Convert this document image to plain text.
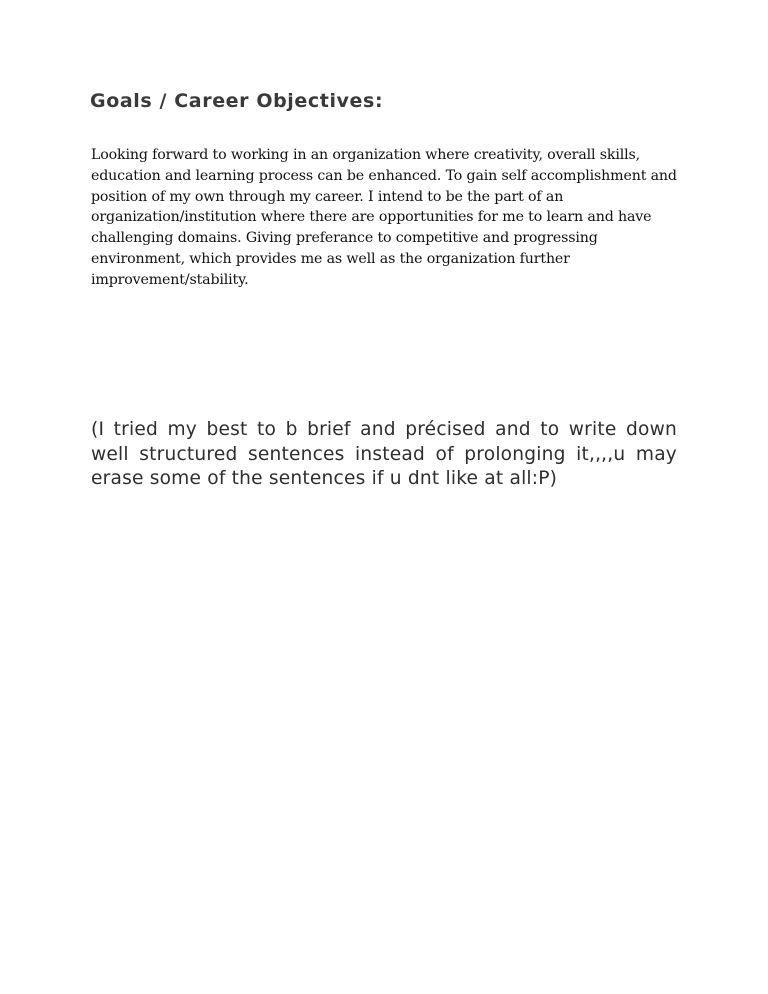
Goals / Career Objectives:

Looking forward to working in an organization where creativity, overall skills, education and learning process can be enhanced. To gain self accomplishment and position of my own through my career. I intend to be the part of an organization/institution where there are opportunities for me to learn and have challenging domains. Giving preferance to competitive and progressing environment, which provides me as well as the organization further improvement/stability.

(I tried my best to b brief and précised and to write down well structured sentences instead of prolonging it,,,,u may erase some of the sentences if u dnt like at all:P)
